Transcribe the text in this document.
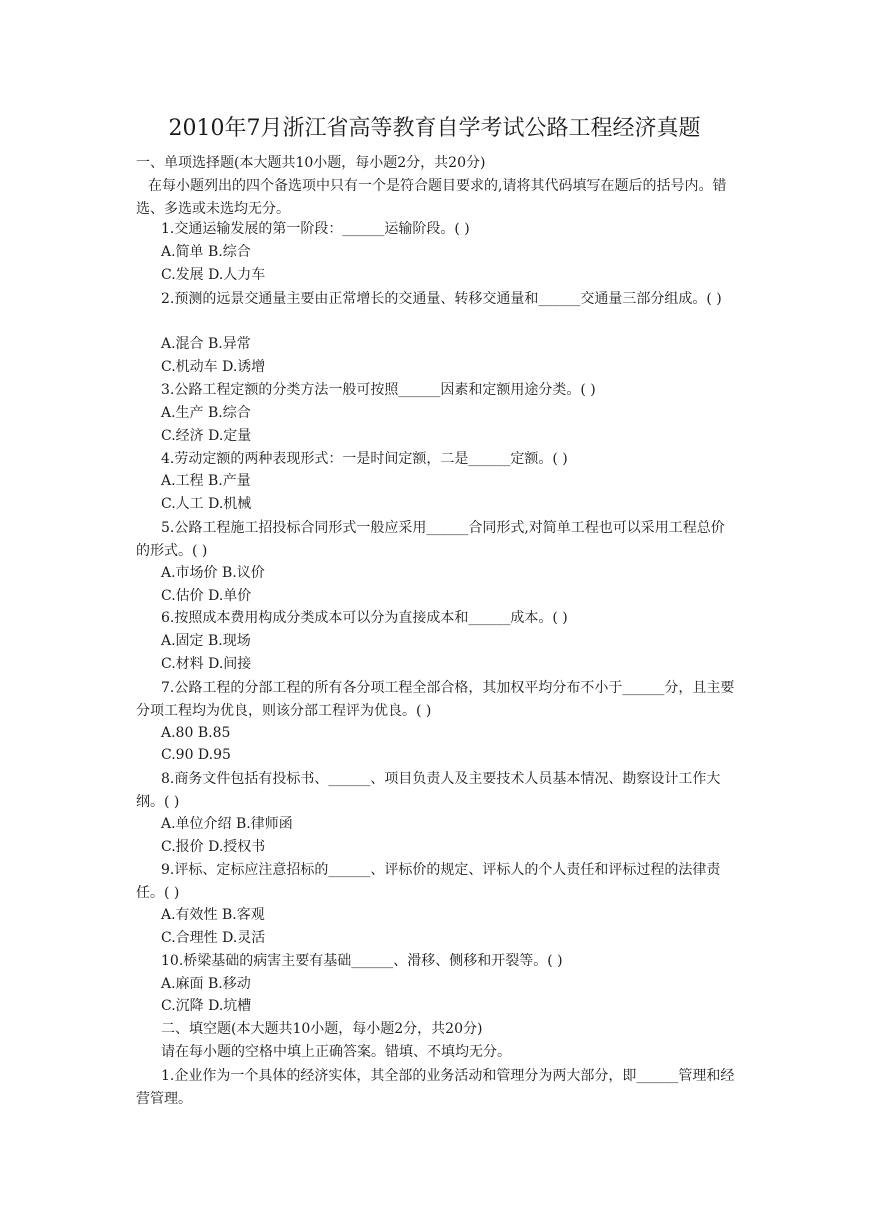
2010年7月浙江省高等教育自学考试公路工程经济真题
一、单项选择题(本大题共10小题，每小题2分，共20分)
在每小题列出的四个备选项中只有一个是符合题目要求的,请将其代码填写在题后的括号内。错选、多选或未选均无分。
1.交通运输发展的第一阶段：______运输阶段。( )
A.简单 B.综合
C.发展 D.人力车
2.预测的远景交通量主要由正常增长的交通量、转移交通量和______交通量三部分组成。( )
A.混合 B.异常
C.机动车 D.诱增
3.公路工程定额的分类方法一般可按照______因素和定额用途分类。( )
A.生产 B.综合
C.经济 D.定量
4.劳动定额的两种表现形式：一是时间定额，二是______定额。( )
A.工程 B.产量
C.人工 D.机械
5.公路工程施工招投标合同形式一般应采用______合同形式,对简单工程也可以采用工程总价的形式。( )
A.市场价 B.议价
C.估价 D.单价
6.按照成本费用构成分类成本可以分为直接成本和______成本。( )
A.固定 B.现场
C.材料 D.间接
7.公路工程的分部工程的所有各分项工程全部合格，其加权平均分布不小于______分，且主要分项工程均为优良，则该分部工程评为优良。( )
A.80 B.85
C.90 D.95
8.商务文件包括有投标书、______、项目负责人及主要技术人员基本情况、勘察设计工作大纲。( )
A.单位介绍 B.律师函
C.报价 D.授权书
9.评标、定标应注意招标的______、评标价的规定、评标人的个人责任和评标过程的法律责任。( )
A.有效性 B.客观
C.合理性 D.灵活
10.桥梁基础的病害主要有基础______、滑移、侧移和开裂等。( )
A.麻面 B.移动
C.沉降 D.坑槽
二、填空题(本大题共10小题，每小题2分，共20分)
请在每小题的空格中填上正确答案。错填、不填均无分。
1.企业作为一个具体的经济实体，其全部的业务活动和管理分为两大部分，即______管理和经营管理。
